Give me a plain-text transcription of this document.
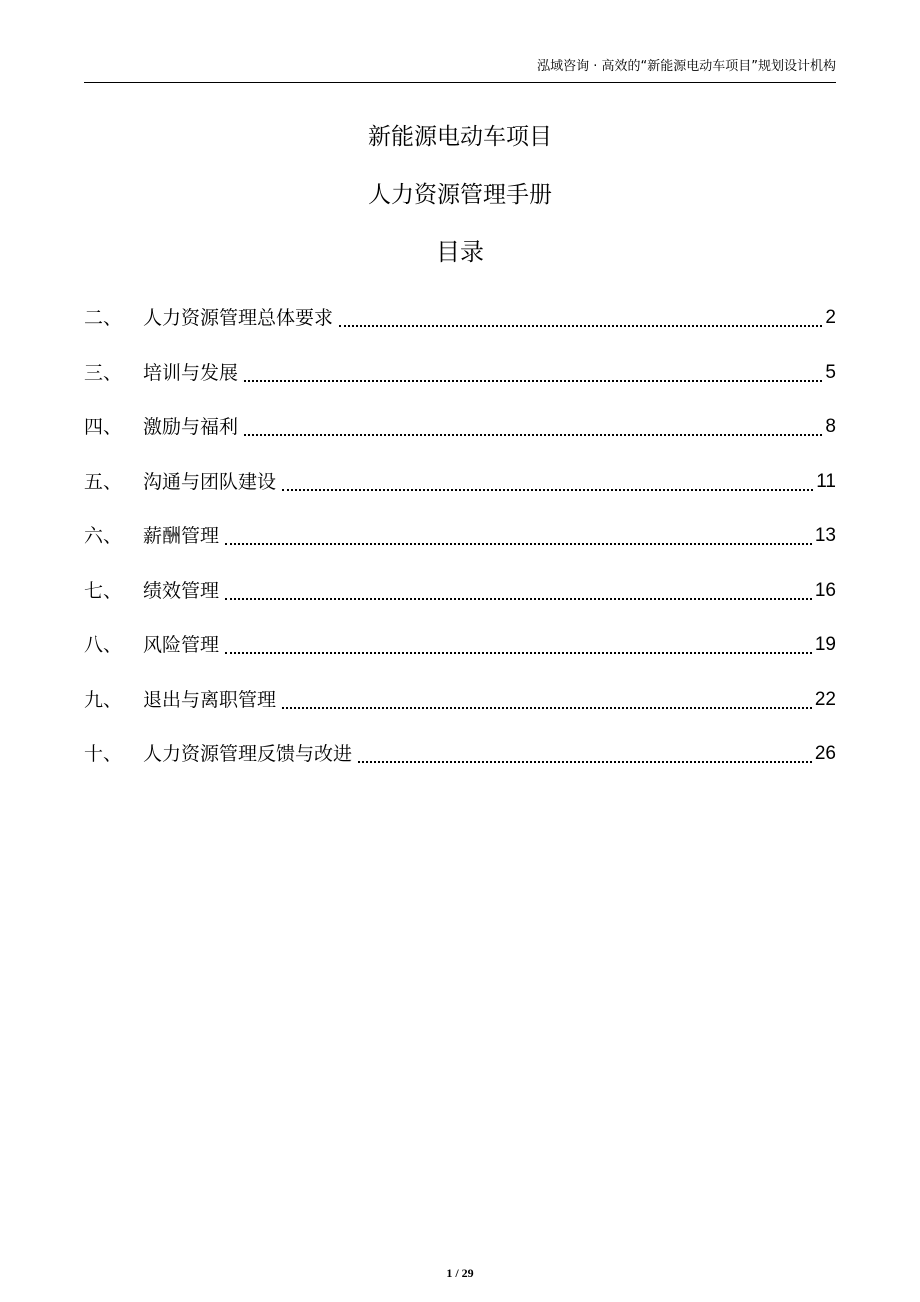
泓域咨询 · 高效的“新能源电动车项目”规划设计机构
新能源电动车项目
人力资源管理手册
目录
二、	人力资源管理总体要求	2
三、	培训与发展	5
四、	激励与福利	8
五、	沟通与团队建设	11
六、	薪酬管理	13
七、	绩效管理	16
八、	风险管理	19
九、	退出与离职管理	22
十、	人力资源管理反馈与改进	26
1 / 29
